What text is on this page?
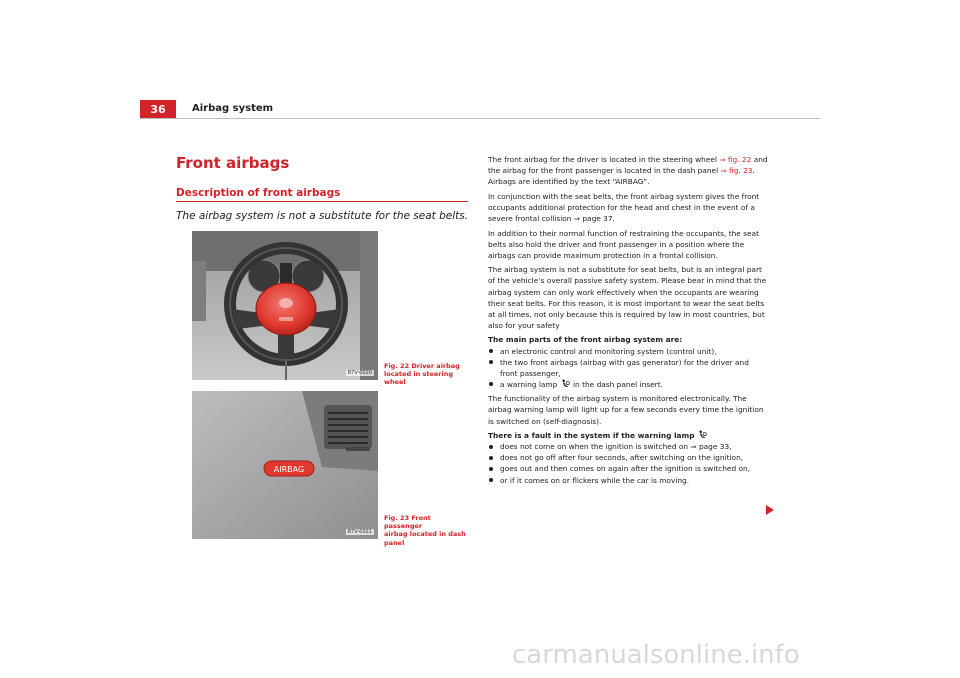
36	Airbag system
Front airbags
Description of front airbags
The airbag system is not a substitute for the seat belts.
B7V-0020
Fig. 22 Driver airbag
located in steering wheel
AIRBAG
B7V-0021
Fig. 23 Front passenger
airbag located in dash
panel

The front airbag for the driver is located in the steering wheel ⇒ fig. 22 and the airbag for the front passenger is located in the dash panel ⇒ fig. 23. Airbags are identified by the text “AIRBAG”.

In conjunction with the seat belts, the front airbag system gives the front occupants additional protection for the head and chest in the event of a severe frontal collision ⇒ page 37.

In addition to their normal function of restraining the occupants, the seat belts also hold the driver and front passenger in a position where the airbags can provide maximum protection in a frontal collision.

The airbag system is not a substitute for seat belts, but is an integral part of the vehicle’s overall passive safety system. Please bear in mind that the airbag system can only work effectively when the occupants are wearing their seat belts. For this reason, it is most important to wear the seat belts at all times, not only because this is required by law in most countries, but also for your safety

The main parts of the front airbag system are:
an electronic control and monitoring system (control unit),
the two front airbags (airbag with gas generator) for the driver and front passenger,
a warning lamp  in the dash panel insert.

The functionality of the airbag system is monitored electronically. The airbag warning lamp will light up for a few seconds every time the ignition is switched on (self-diagnosis).

There is a fault in the system if the warning lamp
does not come on when the ignition is switched on ⇒ page 33,
does not go off after four seconds, after switching on the ignition,
goes out and then comes on again after the ignition is switched on,
or if it comes on or flickers while the car is moving.
carmanualsonline.info
